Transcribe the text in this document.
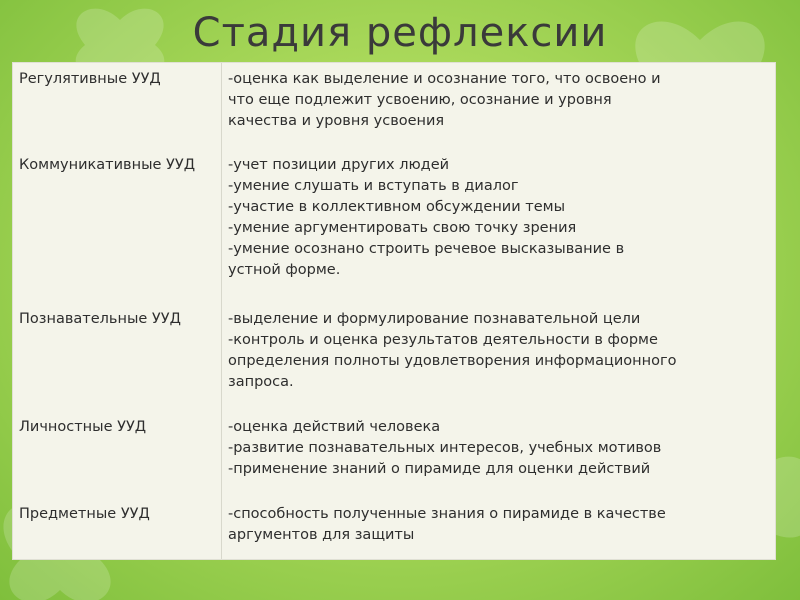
Стадия рефлексии
Регулятивные УУД
Коммуникативные УУД
Познавательные УУД
Личностные УУД
Предметные УУД
-оценка как выделение и осознание того, что освоено и
что еще подлежит усвоению, осознание и уровня
качества и уровня усвоения
-учет позиции других людей
-умение слушать и вступать в диалог
-участие в коллективном обсуждении темы
-умение аргументировать свою точку зрения
-умение осознано строить речевое высказывание в
устной форме.
-выделение и формулирование познавательной цели
-контроль и оценка результатов деятельности в форме
определения полноты удовлетворения информационного
запроса.
-оценка действий человека
-развитие познавательных интересов, учебных мотивов
-применение знаний о пирамиде для оценки действий
-способность полученные знания о пирамиде в качестве
аргументов для защиты
